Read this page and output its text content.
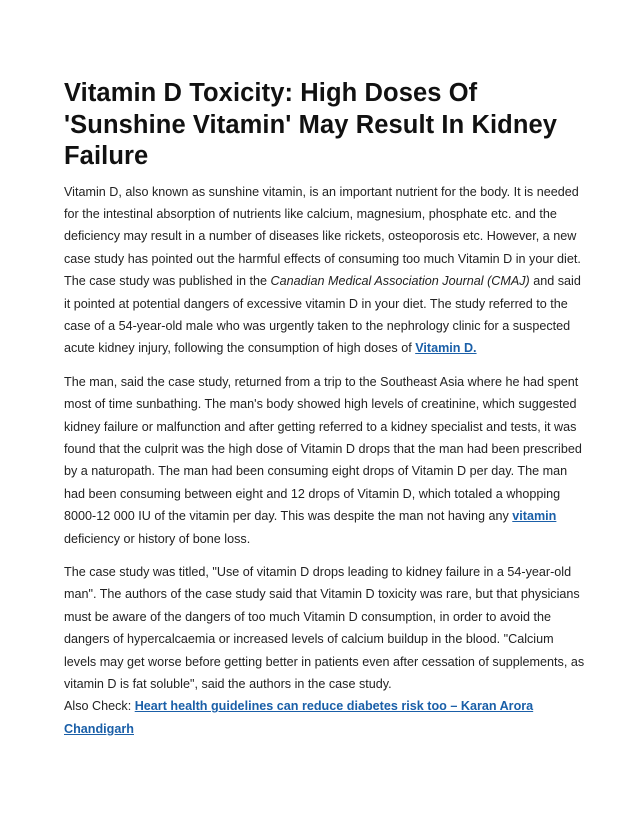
Vitamin D Toxicity: High Doses Of 'Sunshine Vitamin' May Result In Kidney Failure

Vitamin D, also known as sunshine vitamin, is an important nutrient for the body. It is needed for the intestinal absorption of nutrients like calcium, magnesium, phosphate etc. and the deficiency may result in a number of diseases like rickets, osteoporosis etc. However, a new case study has pointed out the harmful effects of consuming too much Vitamin D in your diet. The case study was published in the Canadian Medical Association Journal (CMAJ) and said it pointed at potential dangers of excessive vitamin D in your diet. The study referred to the case of a 54-year-old male who was urgently taken to the nephrology clinic for a suspected acute kidney injury, following the consumption of high doses of Vitamin D.

The man, said the case study, returned from a trip to the Southeast Asia where he had spent most of time sunbathing. The man's body showed high levels of creatinine, which suggested kidney failure or malfunction and after getting referred to a kidney specialist and tests, it was found that the culprit was the high dose of Vitamin D drops that the man had been prescribed by a naturopath. The man had been consuming eight drops of Vitamin D per day. The man had been consuming between eight and 12 drops of Vitamin D, which totaled a whopping 8000-12 000 IU of the vitamin per day. This was despite the man not having any vitamin deficiency or history of bone loss.

The case study was titled, "Use of vitamin D drops leading to kidney failure in a 54-year-old man". The authors of the case study said that Vitamin D toxicity was rare, but that physicians must be aware of the dangers of too much Vitamin D consumption, in order to avoid the dangers of hypercalcaemia or increased levels of calcium buildup in the blood. "Calcium levels may get worse before getting better in patients even after cessation of supplements, as vitamin D is fat soluble", said the authors in the case study.

Also Check: Heart health guidelines can reduce diabetes risk too – Karan Arora Chandigarh
